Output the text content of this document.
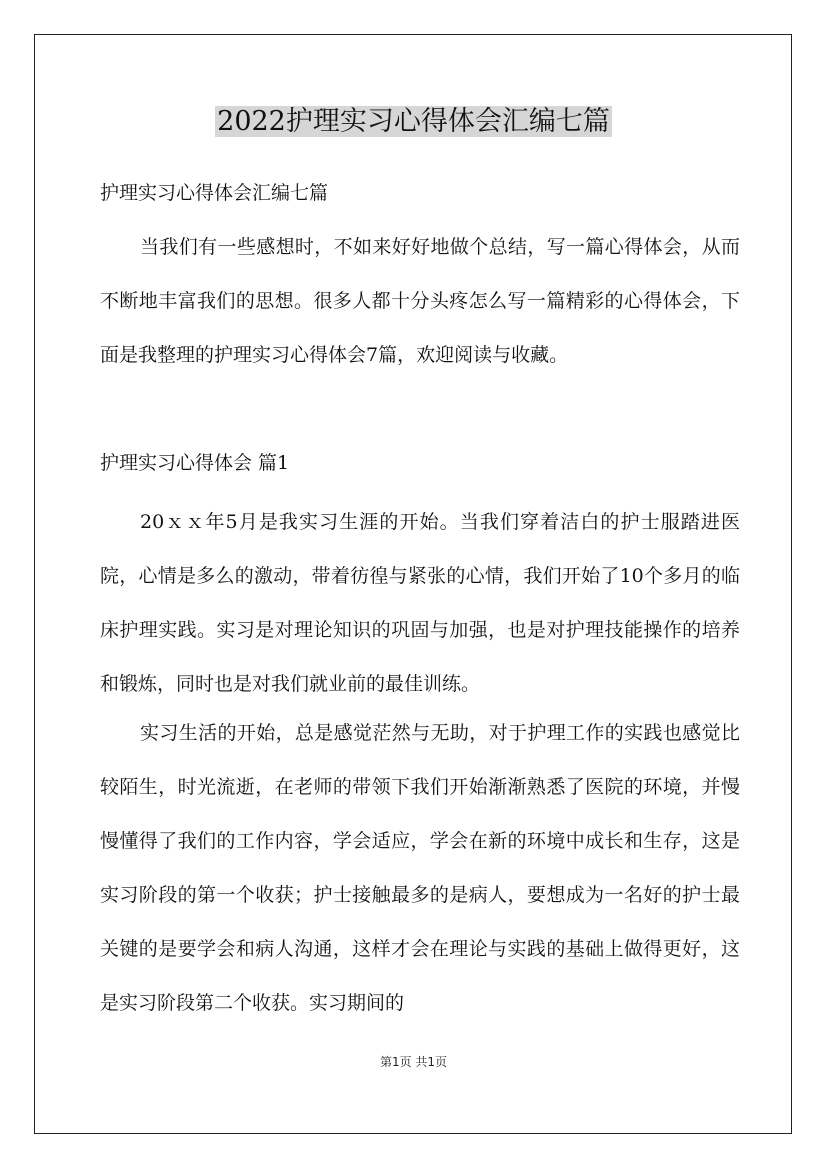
2022护理实习心得体会汇编七篇

护理实习心得体会汇编七篇

当我们有一些感想时，不如来好好地做个总结，写一篇心得体会，从而不断地丰富我们的思想。很多人都十分头疼怎么写一篇精彩的心得体会，下面是我整理的护理实习心得体会7篇，欢迎阅读与收藏。

护理实习心得体会 篇1

20ｘｘ年5月是我实习生涯的开始。当我们穿着洁白的护士服踏进医院，心情是多么的激动，带着彷徨与紧张的心情，我们开始了10个多月的临床护理实践。实习是对理论知识的巩固与加强，也是对护理技能操作的培养和锻炼，同时也是对我们就业前的最佳训练。

实习生活的开始，总是感觉茫然与无助，对于护理工作的实践也感觉比较陌生，时光流逝，在老师的带领下我们开始渐渐熟悉了医院的环境，并慢慢懂得了我们的工作内容，学会适应，学会在新的环境中成长和生存，这是实习阶段的第一个收获；护士接触最多的是病人，要想成为一名好的护士最关键的是要学会和病人沟通，这样才会在理论与实践的基础上做得更好，这是实习阶段第二个收获。实习期间的

第1页 共1页
